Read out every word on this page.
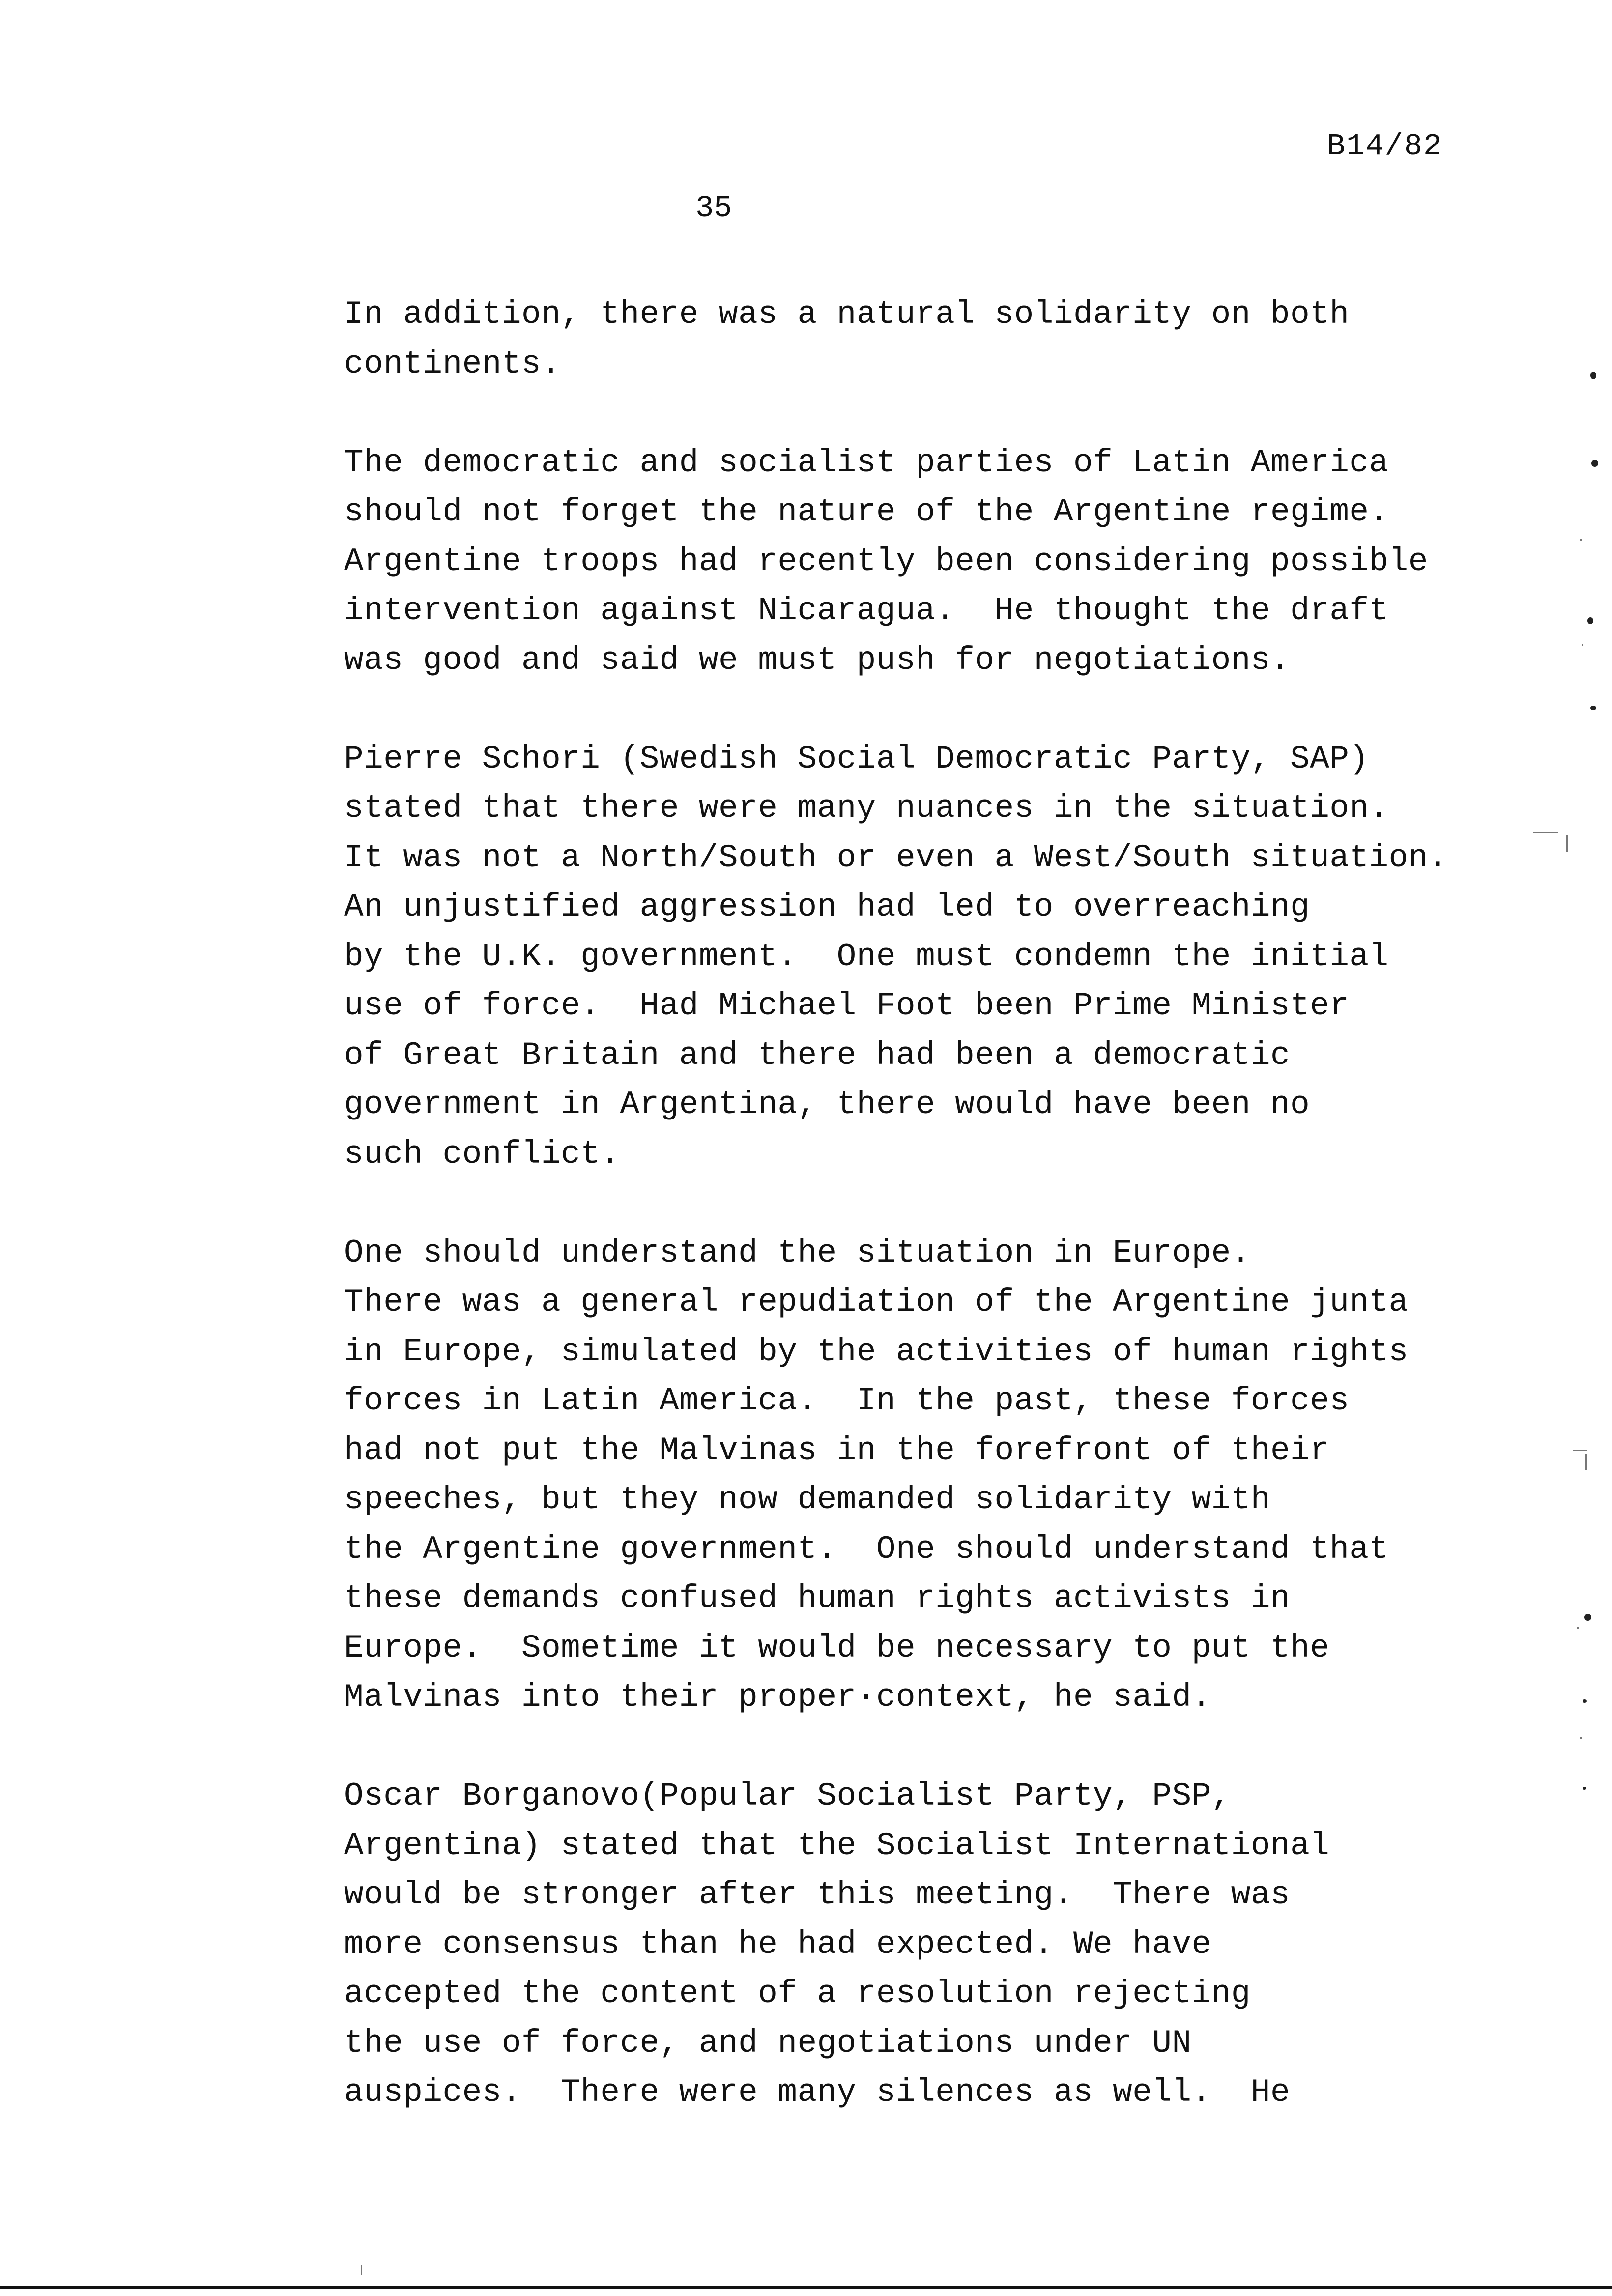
B14/82
35
In addition, there was a natural solidarity on both
continents.
The democratic and socialist parties of Latin America
should not forget the nature of the Argentine regime.
Argentine troops had recently been considering possible
intervention against Nicaragua.  He thought the draft
was good and said we must push for negotiations.
Pierre Schori (Swedish Social Democratic Party, SAP)
stated that there were many nuances in the situation.
It was not a North/South or even a West/South situation.
An unjustified aggression had led to overreaching
by the U.K. government.  One must condemn the initial
use of force.  Had Michael Foot been Prime Minister
of Great Britain and there had been a democratic
government in Argentina, there would have been no
such conflict.
One should understand the situation in Europe.
There was a general repudiation of the Argentine junta
in Europe, simulated by the activities of human rights
forces in Latin America.  In the past, these forces
had not put the Malvinas in the forefront of their
speeches, but they now demanded solidarity with
the Argentine government.  One should understand that
these demands confused human rights activists in
Europe.  Sometime it would be necessary to put the
Malvinas into their proper·context, he said.
Oscar Borganovo(Popular Socialist Party, PSP,
Argentina) stated that the Socialist International
would be stronger after this meeting.  There was
more consensus than he had expected. We have
accepted the content of a resolution rejecting
the use of force, and negotiations under UN
auspices.  There were many silences as well.  He
